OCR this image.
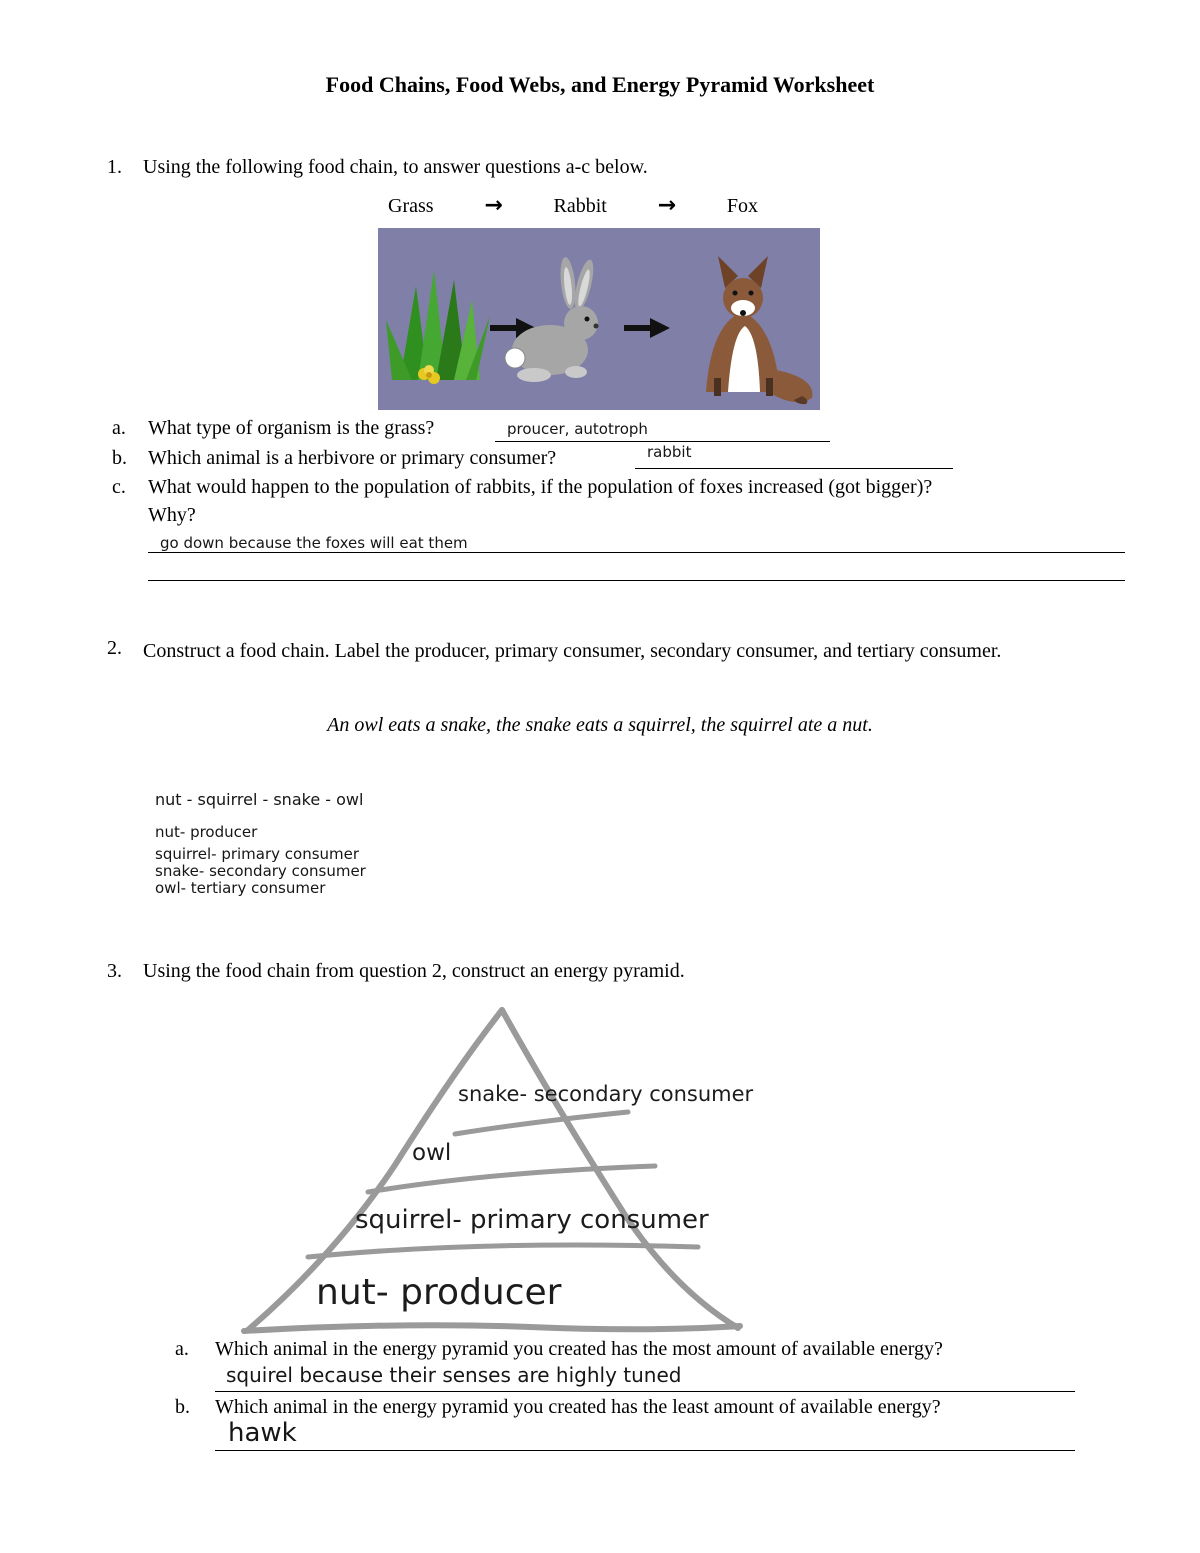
Food Chains, Food Webs, and Energy Pyramid Worksheet
1. Using the following food chain, to answer questions a-c below.
Grass →	Rabbit →	Fox
a. What type of organism is the grass?	proucer, autotroph
b. Which animal is a herbivore or primary consumer?	rabbit
c. What would happen to the population of rabbits, if the population of foxes increased (got bigger)?
Why?
go down because the foxes will eat them
2. Construct a food chain. Label the producer, primary consumer, secondary consumer, and tertiary consumer.
An owl eats a snake, the snake eats a squirrel, the squirrel ate a nut.
nut - squirrel - snake - owl
nut- producer
squirrel- primary consumer
snake- secondary consumer
owl- tertiary consumer
3. Using the food chain from question 2, construct an energy pyramid.
snake- secondary consumer
owl
squirrel- primary consumer
nut- producer
a. Which animal in the energy pyramid you created has the most amount of available energy?
squirel because their senses are highly tuned
b. Which animal in the energy pyramid you created has the least amount of available energy?
hawk
